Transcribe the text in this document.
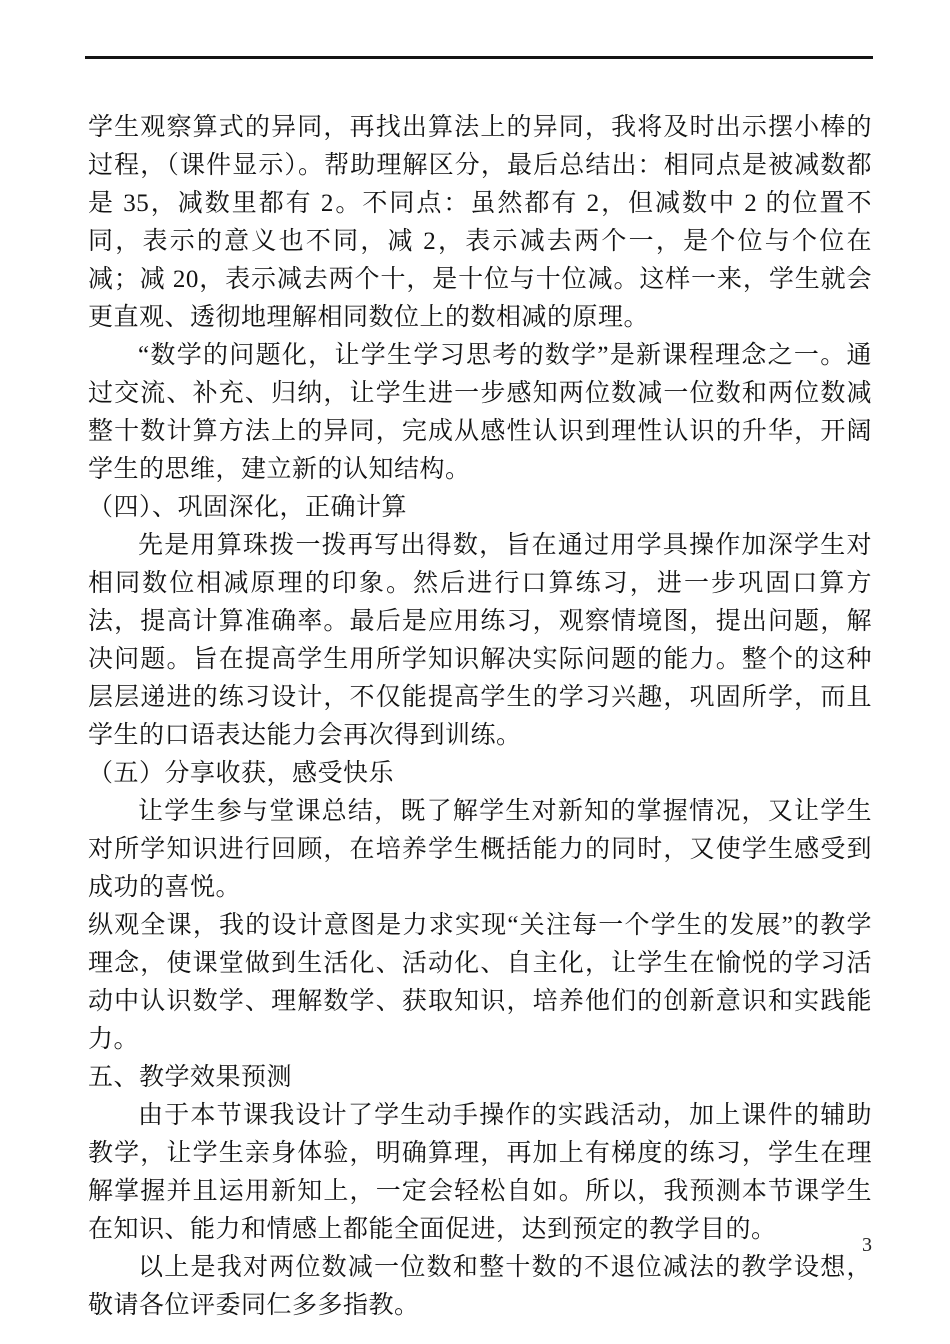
学生观察算式的异同，再找出算法上的异同，我将及时出示摆小棒的过程，（课件显示）。帮助理解区分，最后总结出：相同点是被减数都是 35，减数里都有 2。不同点：虽然都有 2，但减数中 2 的位置不同，表示的意义也不同，减 2，表示减去两个一，是个位与个位在减；减 20，表示减去两个十，是十位与十位减。这样一来，学生就会更直观、透彻地理解相同数位上的数相减的原理。

“数学的问题化，让学生学习思考的数学”是新课程理念之一。通过交流、补充、归纳，让学生进一步感知两位数减一位数和两位数减整十数计算方法上的异同，完成从感性认识到理性认识的升华，开阔学生的思维，建立新的认知结构。

（四）、巩固深化，正确计算

先是用算珠拨一拨再写出得数，旨在通过用学具操作加深学生对相同数位相减原理的印象。然后进行口算练习，进一步巩固口算方法，提高计算准确率。最后是应用练习，观察情境图，提出问题，解决问题。旨在提高学生用所学知识解决实际问题的能力。整个的这种层层递进的练习设计，不仅能提高学生的学习兴趣，巩固所学，而且学生的口语表达能力会再次得到训练。

（五）分享收获，感受快乐

让学生参与堂课总结，既了解学生对新知的掌握情况，又让学生对所学知识进行回顾，在培养学生概括能力的同时，又使学生感受到成功的喜悦。

纵观全课，我的设计意图是力求实现“关注每一个学生的发展”的教学理念，使课堂做到生活化、活动化、自主化，让学生在愉悦的学习活动中认识数学、理解数学、获取知识，培养他们的创新意识和实践能力。

五、教学效果预测

由于本节课我设计了学生动手操作的实践活动，加上课件的辅助教学，让学生亲身体验，明确算理，再加上有梯度的练习，学生在理解掌握并且运用新知上，一定会轻松自如。所以，我预测本节课学生在知识、能力和情感上都能全面促进，达到预定的教学目的。

以上是我对两位数减一位数和整十数的不退位减法的教学设想，敬请各位评委同仁多多指教。

3
